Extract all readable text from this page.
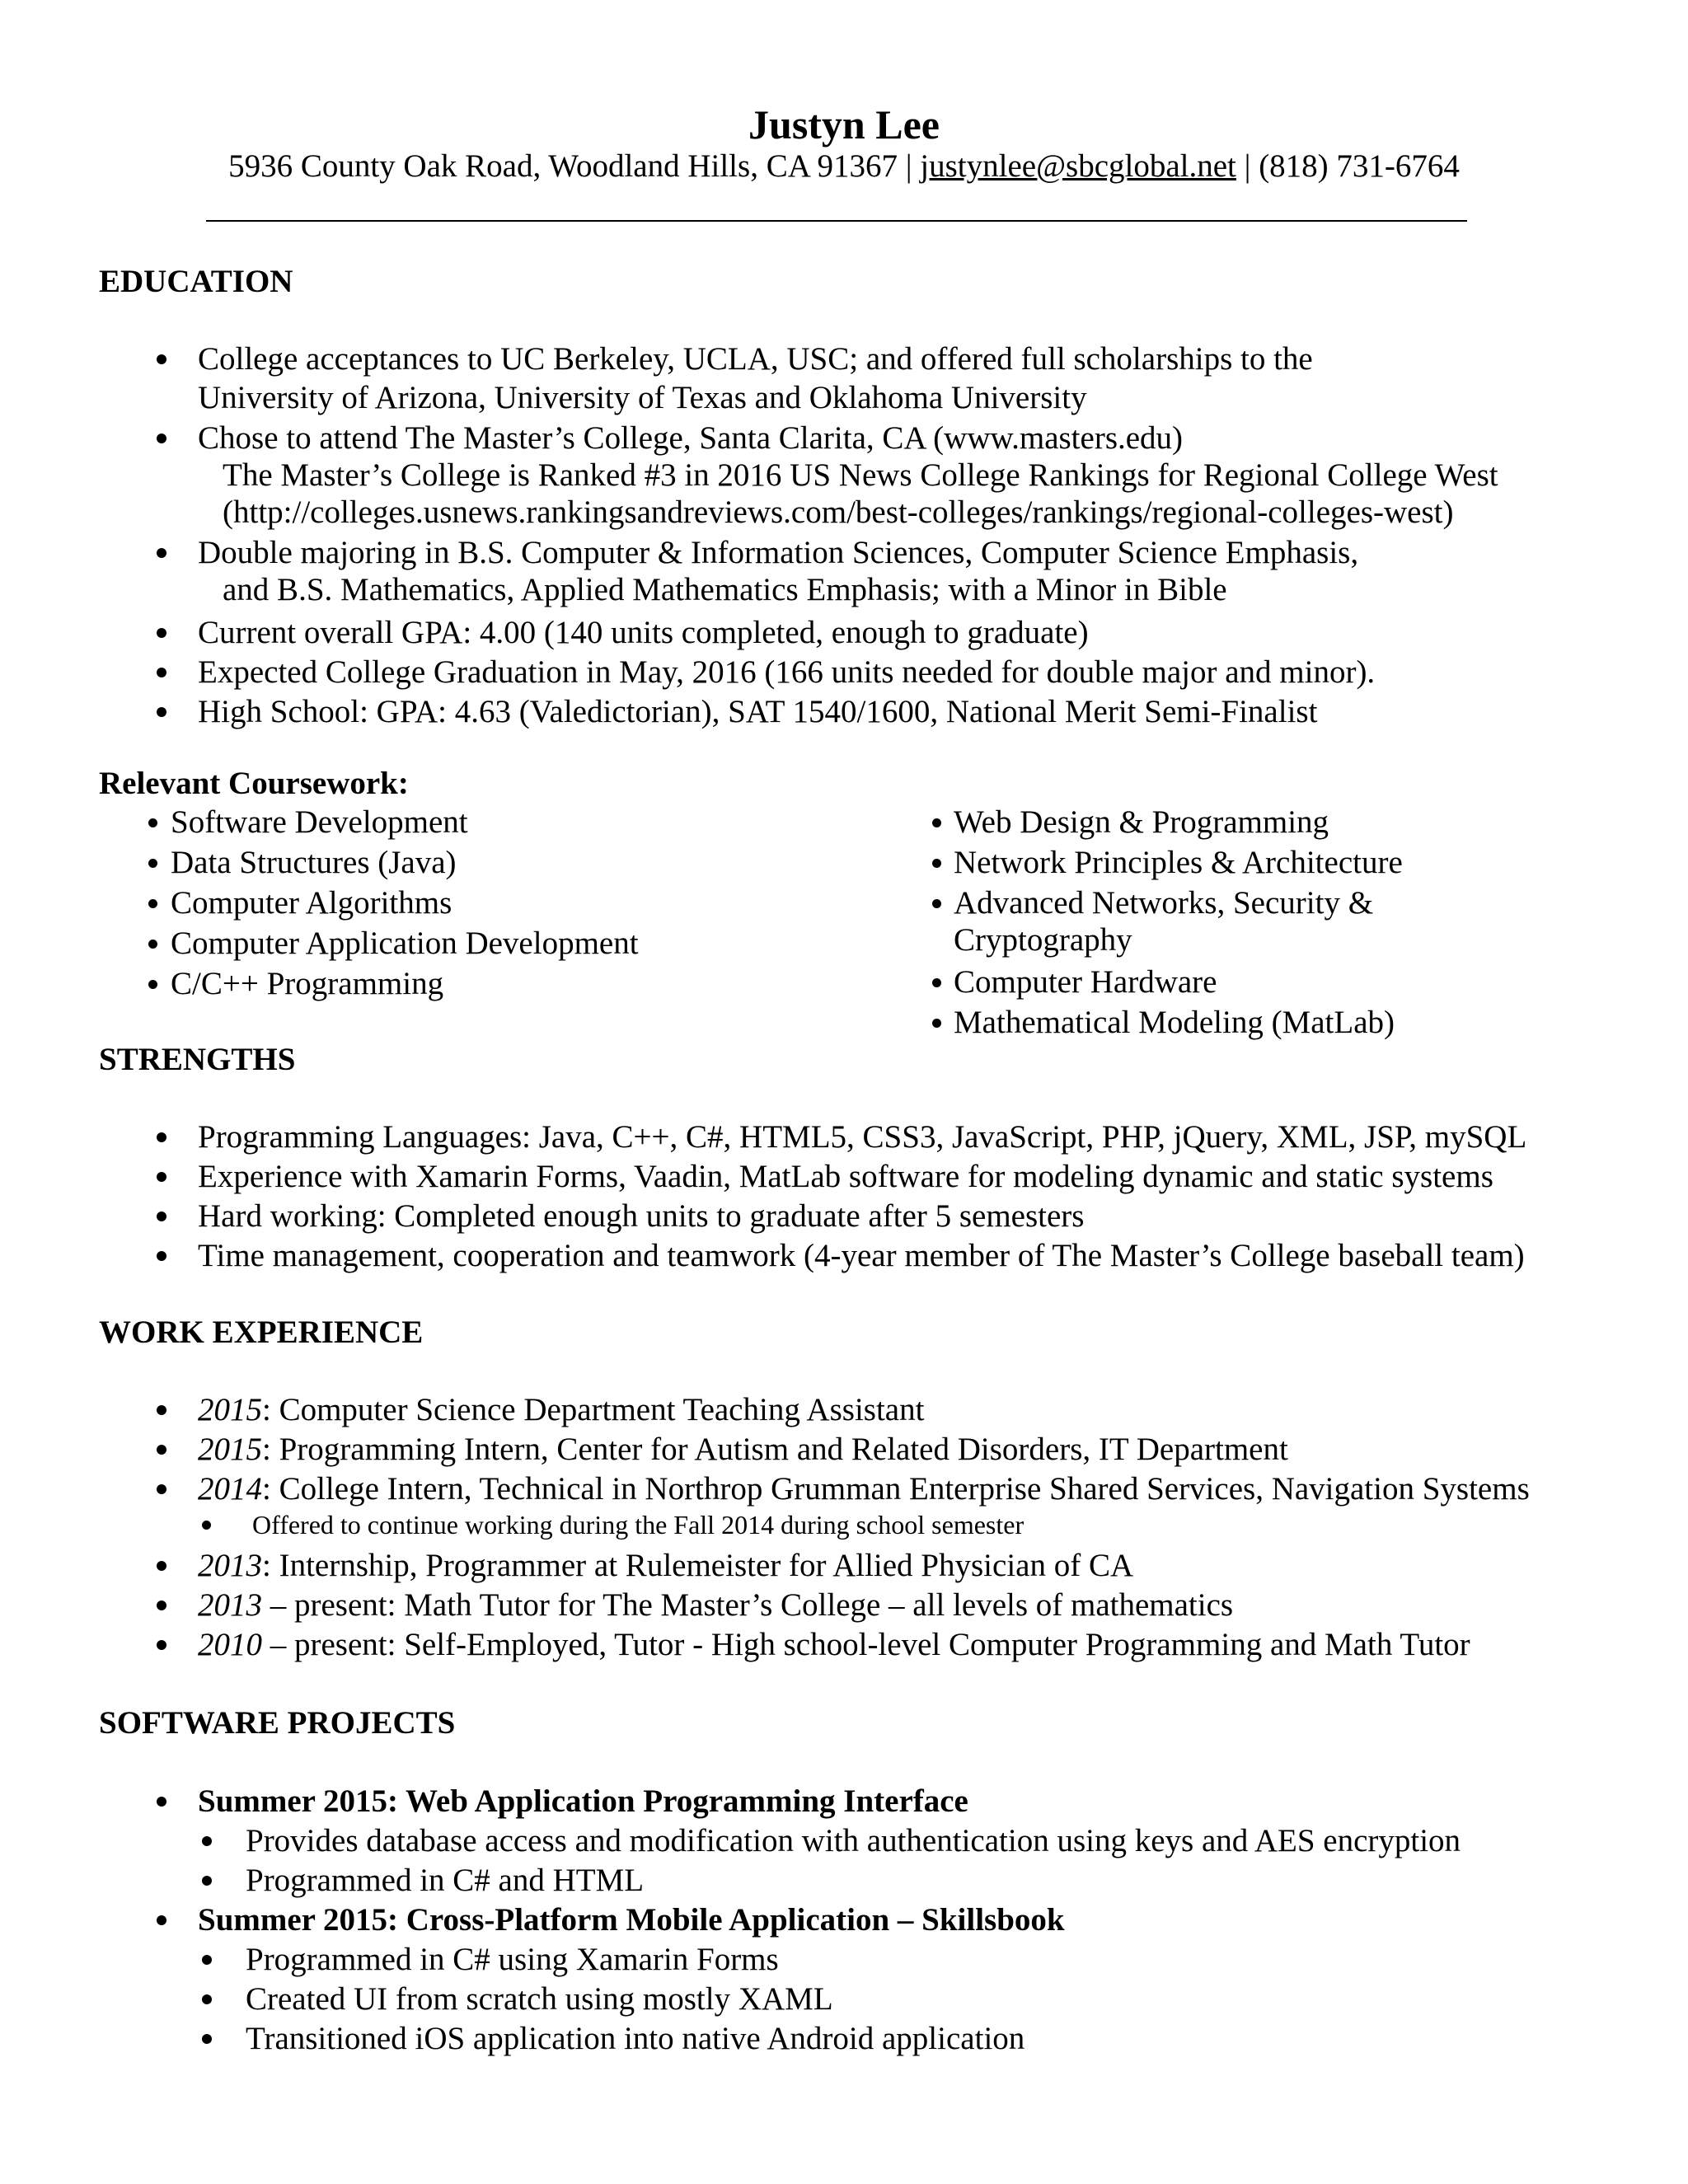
Justyn Lee
5936 County Oak Road, Woodland Hills, CA 91367 | justynlee@sbcglobal.net | (818) 731-6764
EDUCATION
College acceptances to UC Berkeley, UCLA, USC; and offered full scholarships to the
University of Arizona, University of Texas and Oklahoma University
Chose to attend The Master’s College, Santa Clarita, CA (www.masters.edu)
The Master’s College is Ranked #3 in 2016 US News College Rankings for Regional College West
(http://colleges.usnews.rankingsandreviews.com/best-colleges/rankings/regional-colleges-west)
Double majoring in B.S. Computer & Information Sciences, Computer Science Emphasis,
and B.S. Mathematics, Applied Mathematics Emphasis; with a Minor in Bible
Current overall GPA: 4.00 (140 units completed, enough to graduate)
Expected College Graduation in May, 2016 (166 units needed for double major and minor).
High School: GPA: 4.63 (Valedictorian), SAT 1540/1600, National Merit Semi-Finalist
Relevant Coursework:
Software Development
Data Structures (Java)
Computer Algorithms
Computer Application Development
C/C++ Programming
Web Design & Programming
Network Principles & Architecture
Advanced Networks, Security &
Cryptography
Computer Hardware
Mathematical Modeling (MatLab)
STRENGTHS
Programming Languages: Java, C++, C#, HTML5, CSS3, JavaScript, PHP, jQuery, XML, JSP, mySQL
Experience with Xamarin Forms, Vaadin, MatLab software for modeling dynamic and static systems
Hard working: Completed enough units to graduate after 5 semesters
Time management, cooperation and teamwork (4-year member of The Master’s College baseball team)
WORK EXPERIENCE
2015: Computer Science Department Teaching Assistant
2015: Programming Intern, Center for Autism and Related Disorders, IT Department
2014: College Intern, Technical in Northrop Grumman Enterprise Shared Services, Navigation Systems
Offered to continue working during the Fall 2014 during school semester
2013: Internship, Programmer at Rulemeister for Allied Physician of CA
2013 – present: Math Tutor for The Master’s College – all levels of mathematics
2010 – present: Self-Employed, Tutor - High school-level Computer Programming and Math Tutor
SOFTWARE PROJECTS
Summer 2015: Web Application Programming Interface
Provides database access and modification with authentication using keys and AES encryption
Programmed in C# and HTML
Summer 2015: Cross-Platform Mobile Application – Skillsbook
Programmed in C# using Xamarin Forms
Created UI from scratch using mostly XAML
Transitioned iOS application into native Android application
